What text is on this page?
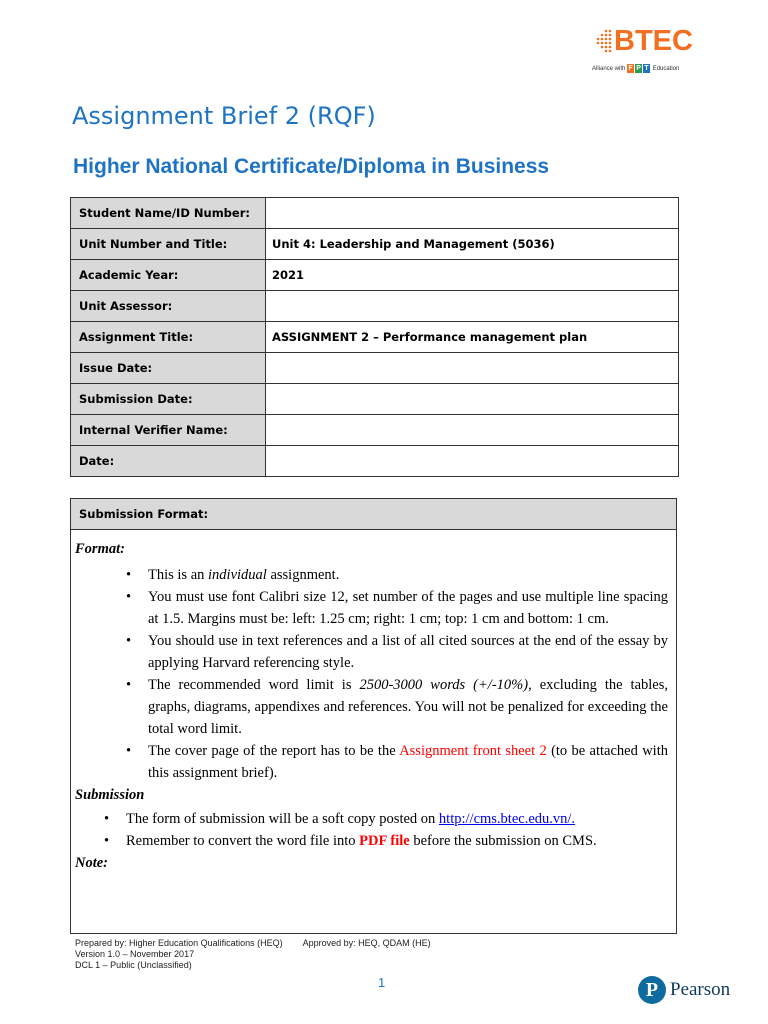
BTEC
Alliance with F P T Education
Assignment Brief 2 (RQF)
Higher National Certificate/Diploma in Business
Student Name/ID Number:
Unit Number and Title:	Unit 4: Leadership and Management (5036)
Academic Year:	2021
Unit Assessor:
Assignment Title:	ASSIGNMENT 2 – Performance management plan
Issue Date:
Submission Date:
Internal Verifier Name:
Date:
Submission Format:
Format:
• This is an individual assignment.
• You must use font Calibri size 12, set number of the pages and use multiple line spacing at 1.5. Margins must be: left: 1.25 cm; right: 1 cm; top: 1 cm and bottom: 1 cm.
• You should use in text references and a list of all cited sources at the end of the essay by applying Harvard referencing style.
• The recommended word limit is 2500-3000 words (+/-10%), excluding the tables, graphs, diagrams, appendixes and references. You will not be penalized for exceeding the total word limit.
• The cover page of the report has to be the Assignment front sheet 2 (to be attached with this assignment brief).
Submission
• The form of submission will be a soft copy posted on http://cms.btec.edu.vn/.
• Remember to convert the word file into PDF file before the submission on CMS.
Note:
Prepared by: Higher Education Qualifications (HEQ) Approved by: HEQ, QDAM (HE)
Version 1.0 – November 2017
DCL 1 – Public (Unclassified)
1	P Pearson
